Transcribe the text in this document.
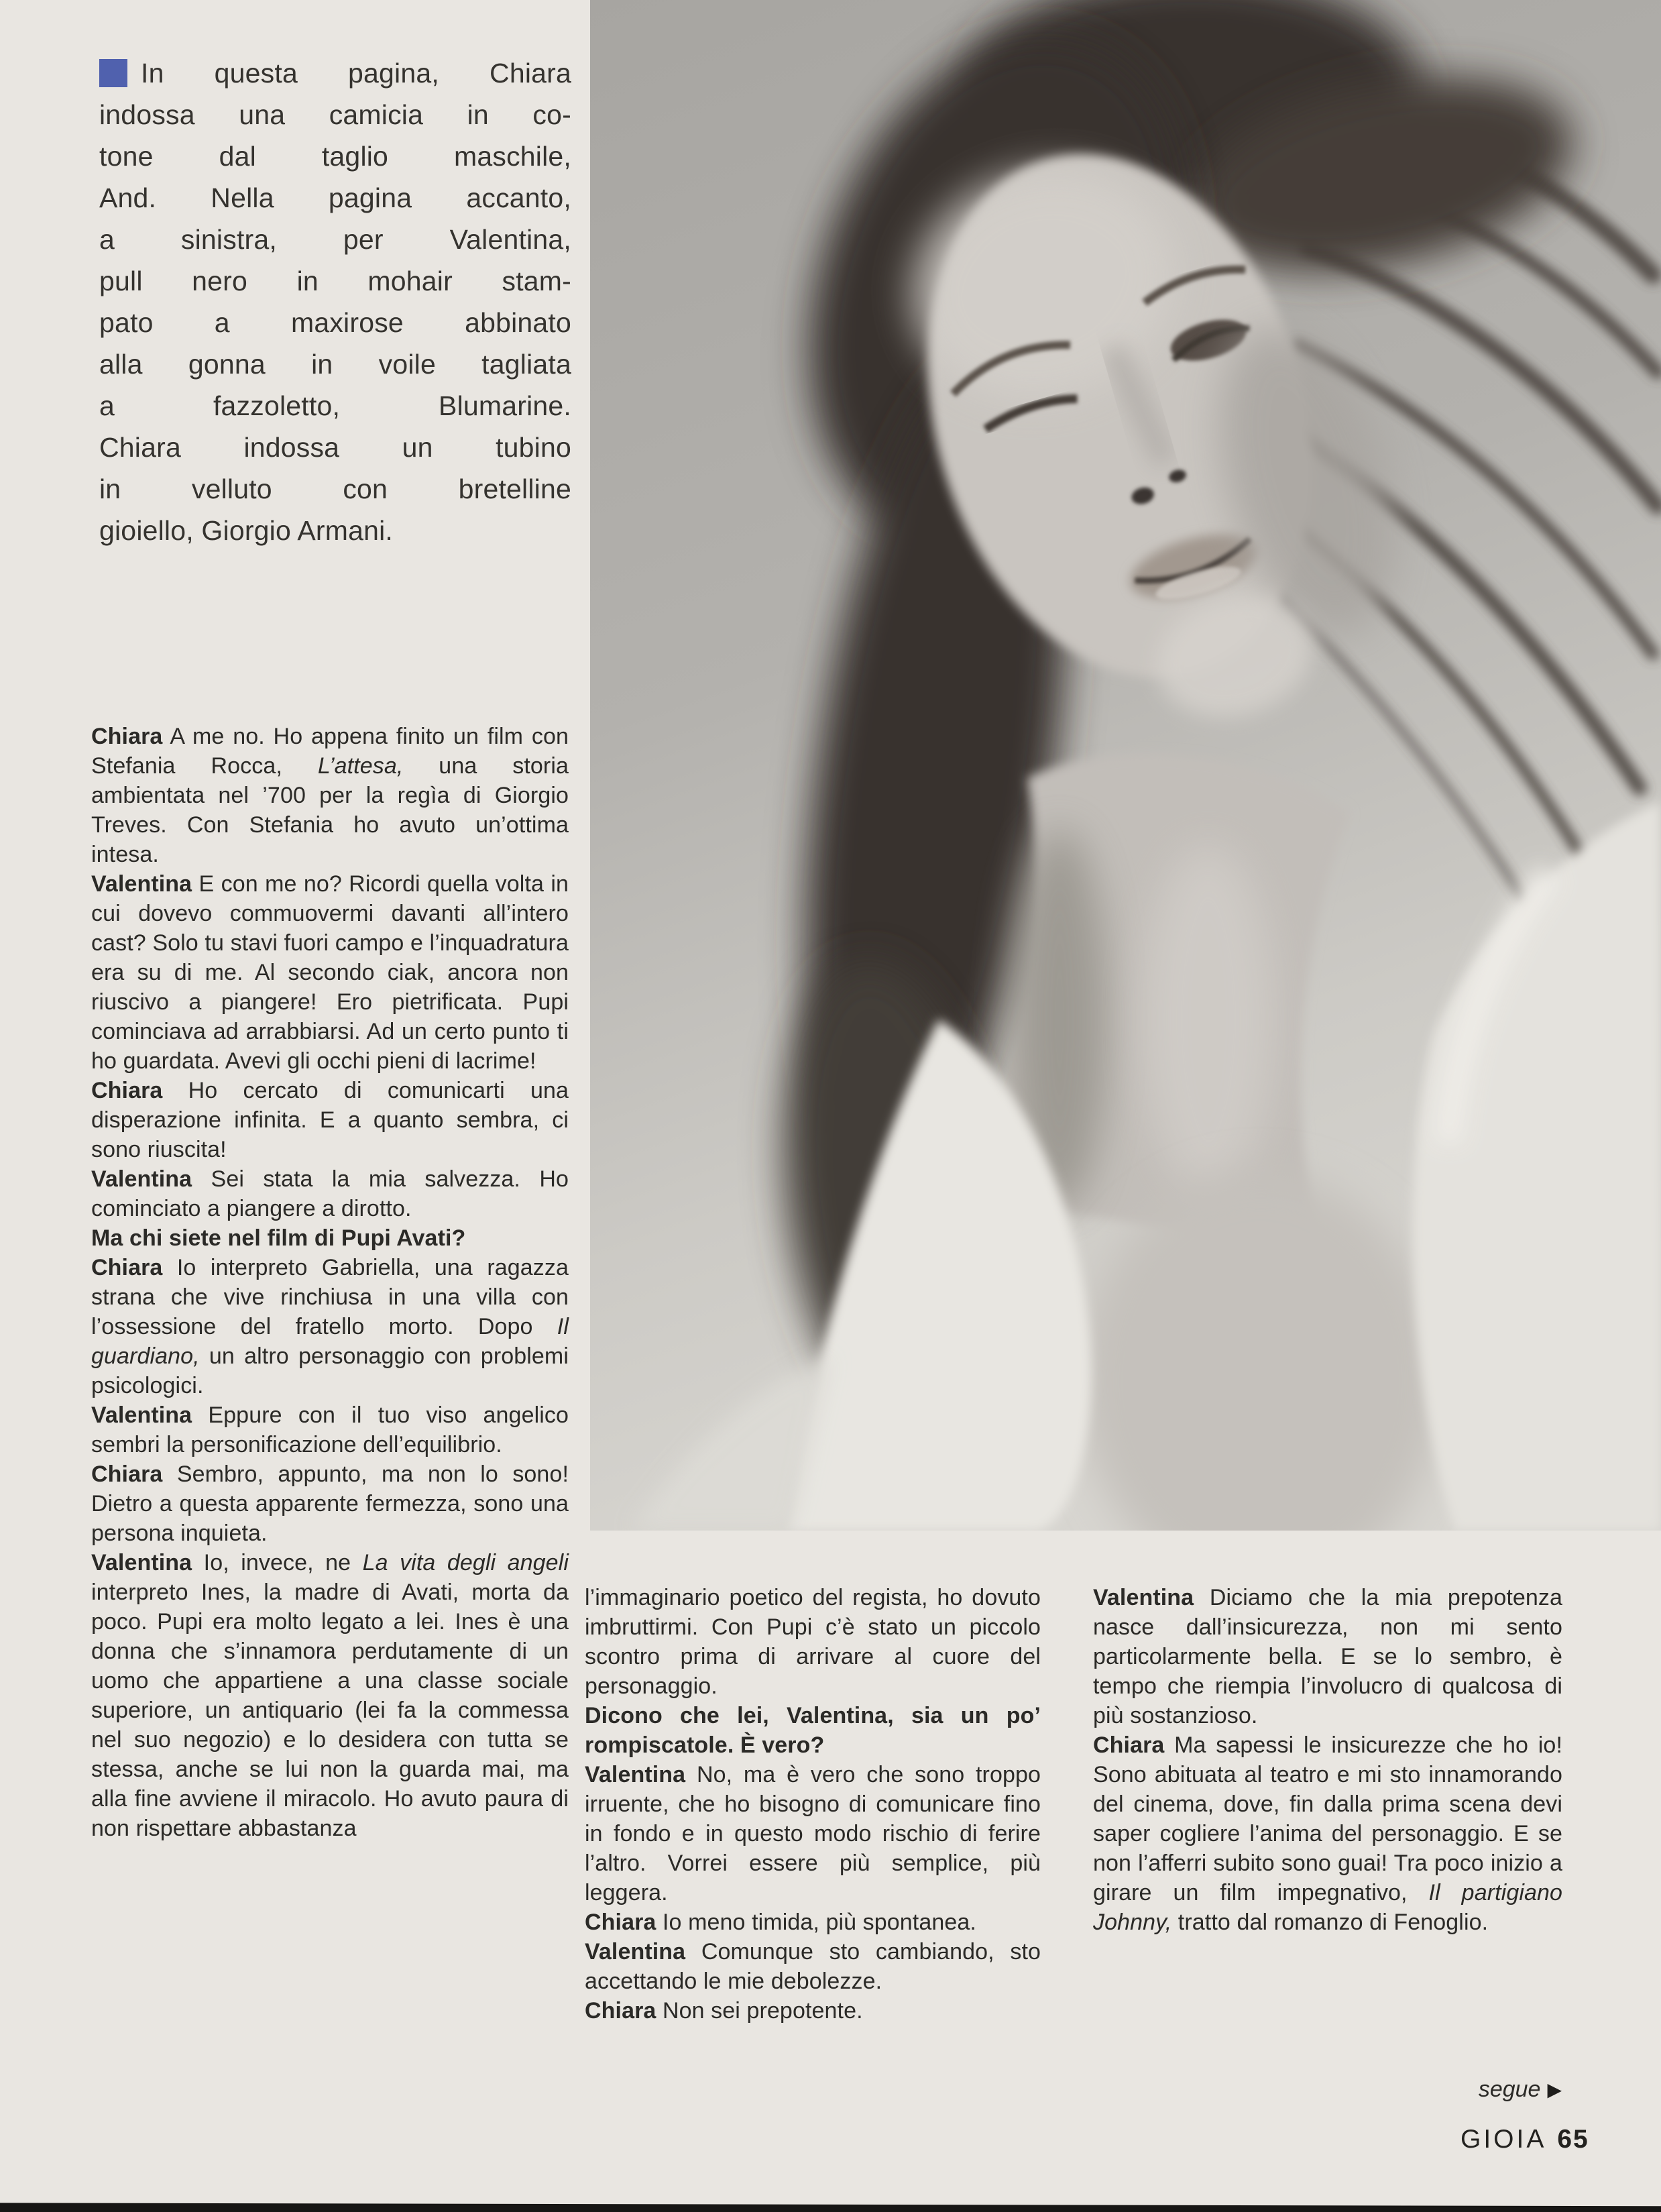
In questa pagina, Chiara
indossa una camicia in co-
tone dal taglio maschile,
And. Nella pagina accanto,
a sinistra, per Valentina,
pull nero in mohair stam-
pato a maxirose abbinato
alla gonna in voile tagliata
a fazzoletto, Blumarine.
Chiara indossa un tubino
in velluto con bretelline
gioiello, Giorgio Armani.
Chiara A me no. Ho appena finito un film con Stefania Rocca, L’attesa, una storia ambientata nel ’700 per la regìa di Giorgio Treves. Con Stefania ho avuto un’ottima intesa.
Valentina E con me no? Ricordi quella volta in cui dovevo commuovermi davanti all’intero cast? Solo tu stavi fuori campo e l’inquadratura era su di me. Al secondo ciak, ancora non riuscivo a piangere! Ero pietrificata. Pupi cominciava ad arrabbiarsi. Ad un certo punto ti ho guardata. Avevi gli occhi pieni di lacrime!
Chiara Ho cercato di comunicarti una disperazione infinita. E a quanto sembra, ci sono riuscita!
Valentina Sei stata la mia salvezza. Ho cominciato a piangere a dirotto.
Ma chi siete nel film di Pupi Avati?
Chiara Io interpreto Gabriella, una ragazza strana che vive rinchiusa in una villa con l’ossessione del fratello morto. Dopo Il guardiano, un altro personaggio con problemi psicologici.
Valentina Eppure con il tuo viso angelico sembri la personificazione dell’equilibrio.
Chiara Sembro, appunto, ma non lo sono! Dietro a questa apparente fermezza, sono una persona inquieta.
Valentina Io, invece, ne La vita degli angeli interpreto Ines, la madre di Avati, morta da poco. Pupi era molto legato a lei. Ines è una donna che s’innamora perdutamente di un uomo che appartiene a una classe sociale superiore, un antiquario (lei fa la commessa nel suo negozio) e lo desidera con tutta se stessa, anche se lui non la guarda mai, ma alla fine avviene il miracolo. Ho avuto paura di non rispettare abbastanza
l’immaginario poetico del regista, ho dovuto imbruttirmi. Con Pupi c’è stato un piccolo scontro prima di arrivare al cuore del personaggio.
Dicono che lei, Valentina, sia un po’ rompiscatole. È vero?
Valentina No, ma è vero che sono troppo irruente, che ho bisogno di comunicare fino in fondo e in questo modo rischio di ferire l’altro. Vorrei essere più semplice, più leggera.
Chiara Io meno timida, più spontanea.
Valentina Comunque sto cambiando, sto accettando le mie debolezze.
Chiara Non sei prepotente.
Valentina Diciamo che la mia prepotenza nasce dall’insicurezza, non mi sento particolarmente bella. E se lo sembro, è tempo che riempia l’involucro di qualcosa di più sostanzioso.
Chiara Ma sapessi le insicurezze che ho io! Sono abituata al teatro e mi sto innamorando del cinema, dove, fin dalla prima scena devi saper cogliere l’anima del personaggio. E se non l’afferri subito sono guai! Tra poco inizio a girare un film impegnativo, Il partigiano Johnny, tratto dal romanzo di Fenoglio.
segue ▶
GIOIA 65
